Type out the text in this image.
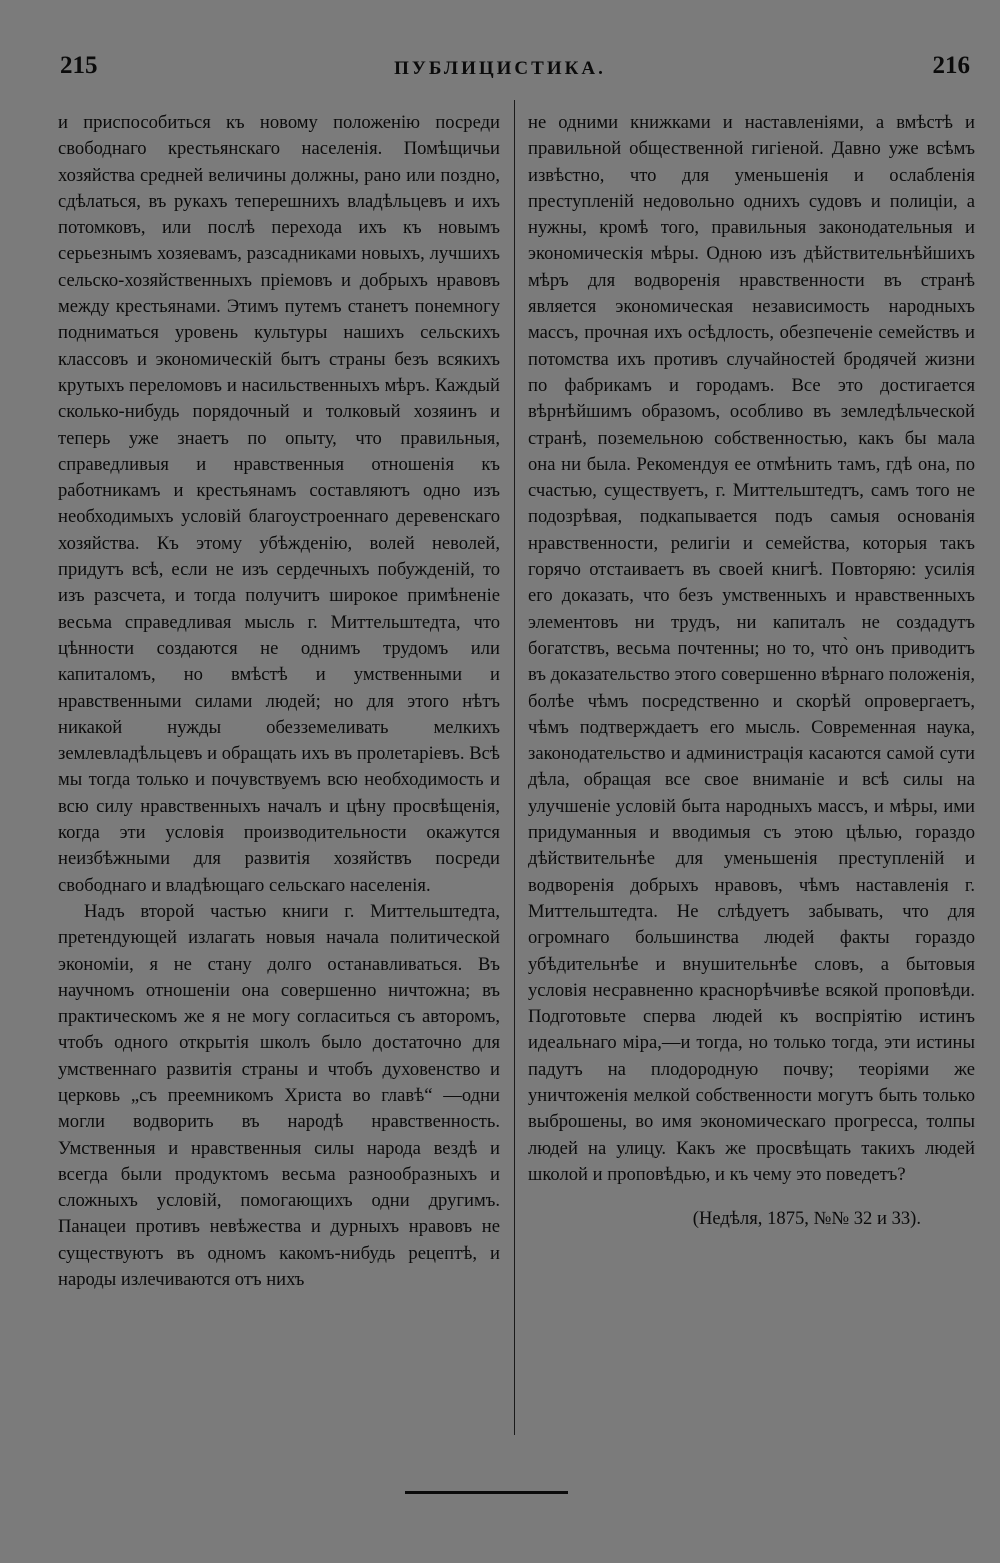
215	ПУБЛИЦИСТИКА.	216

и приспособиться къ новому положенію посреди свободнаго крестьянскаго населенія. Помѣщичьи хозяйства средней величины должны, рано или поздно, сдѣлаться, въ рукахъ теперешнихъ владѣльцевъ и ихъ потомковъ, или послѣ перехода ихъ къ новымъ серьезнымъ хозяевамъ, разсадниками новыхъ, лучшихъ сельско-хозяйственныхъ пріемовъ и добрыхъ нравовъ между крестьянами. Этимъ путемъ станетъ понемногу подниматься уровень культуры нашихъ сельскихъ классовъ и экономическій бытъ страны безъ всякихъ крутыхъ переломовъ и насильственныхъ мѣръ. Каждый сколько-нибудь порядочный и толковый хозяинъ и теперь уже знаетъ по опыту, что правильныя, справедливыя и нравственныя отношенія къ работникамъ и крестьянамъ составляютъ одно изъ необходимыхъ условій благоустроеннаго деревенскаго хозяйства. Къ этому убѣжденію, волей неволей, придутъ всѣ, если не изъ сердечныхъ побужденій, то изъ разсчета, и тогда получитъ широкое примѣненіе весьма справедливая мысль г. Миттельштедта, что цѣнности создаются не однимъ трудомъ или капиталомъ, но вмѣстѣ и умственными и нравственными силами людей; но для этого нѣтъ никакой нужды обезземеливать мелкихъ землевладѣльцевъ и обращать ихъ въ пролетаріевъ. Всѣ мы тогда только и почувствуемъ всю необходимость и всю силу нравственныхъ началъ и цѣну просвѣщенія, когда эти условія производительности окажутся неизбѣжными для развитія хозяйствъ посреди свободнаго и владѣющаго сельскаго населенія.

Надъ второй частью книги г. Миттельштедта, претендующей излагать новыя начала политической экономіи, я не стану долго останавливаться. Въ научномъ отношеніи она совершенно ничтожна; въ практическомъ же я не могу согласиться съ авторомъ, чтобъ одного открытія школъ было достаточно для умственнаго развитія страны и чтобъ духовенство и церковь „съ преемникомъ Христа во главѣ“ —одни могли водворить въ народѣ нравственность. Умственныя и нравственныя силы народа вездѣ и всегда были продуктомъ весьма разнообразныхъ и сложныхъ условій, помогающихъ одни другимъ. Панацеи противъ невѣжества и дурныхъ нравовъ не существуютъ въ одномъ какомъ-нибудь рецептѣ, и народы излечиваются отъ нихъ

не одними книжками и наставленіями, а вмѣстѣ и правильной общественной гигіеной. Давно уже всѣмъ извѣстно, что для уменьшенія и ослабленія преступленій недовольно однихъ судовъ и полиціи, а нужны, кромѣ того, правильныя законодательныя и экономическія мѣры. Одною изъ дѣйствительнѣйшихъ мѣръ для водворенія нравственности въ странѣ является экономическая независимость народныхъ массъ, прочная ихъ осѣдлость, обезпеченіе семействъ и потомства ихъ противъ случайностей бродячей жизни по фабрикамъ и городамъ. Все это достигается вѣрнѣйшимъ образомъ, особливо въ земледѣльческой странѣ, поземельною собственностью, какъ бы мала она ни была. Рекомендуя ее отмѣнить тамъ, гдѣ она, по счастью, существуетъ, г. Миттельштедтъ, самъ того не подозрѣвая, подкапывается подъ самыя основанія нравственности, религіи и семейства, которыя такъ горячо отстаиваетъ въ своей книгѣ. Повторяю: усилія его доказать, что безъ умственныхъ и нравственныхъ элементовъ ни трудъ, ни капиталъ не создадутъ богатствъ, весьма почтенны; но то, что̀ онъ приводитъ въ доказательство этого совершенно вѣрнаго положенія, болѣе чѣмъ посредственно и скорѣй опровергаетъ, чѣмъ подтверждаетъ его мысль. Современная наука, законодательство и администрація касаются самой сути дѣла, обращая все свое вниманіе и всѣ силы на улучшеніе условій быта народныхъ массъ, и мѣры, ими придуманныя и вводимыя съ этою цѣлью, гораздо дѣйствительнѣе для уменьшенія преступленій и водворенія добрыхъ нравовъ, чѣмъ наставленія г. Миттельштедта. Не слѣдуетъ забывать, что для огромнаго большинства людей факты гораздо убѣдительнѣе и внушительнѣе словъ, а бытовыя условія несравненно краснорѣчивѣе всякой проповѣди. Подготовьте сперва людей къ воспріятію истинъ идеальнаго міра,—и тогда, но только тогда, эти истины падутъ на плодородную почву; теоріями же уничтоженія мелкой собственности могутъ быть только выброшены, во имя экономическаго прогресса, толпы людей на улицу. Какъ же просвѣщать такихъ людей школой и проповѣдью, и къ чему это поведетъ?

(Недѣля, 1875, №№ 32 и 33).
